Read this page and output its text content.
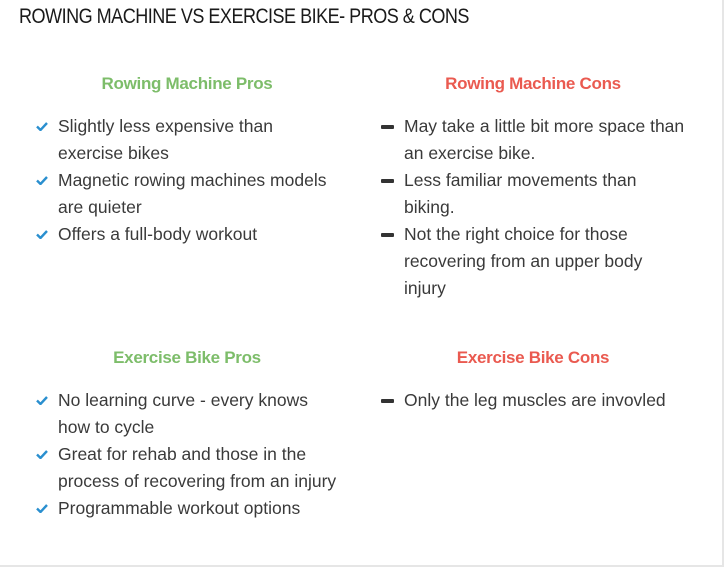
ROWING MACHINE VS EXERCISE BIKE- PROS & CONS
Rowing Machine Pros
Slightly less expensive than exercise bikes
Magnetic rowing machines models are quieter
Offers a full-body workout
Rowing Machine Cons
May take a little bit more space than an exercise bike.
Less familiar movements than biking.
Not the right choice for those recovering from an upper body injury
Exercise Bike Pros
No learning curve - every knows how to cycle
Great for rehab and those in the process of recovering from an injury
Programmable workout options
Exercise Bike Cons
Only the leg muscles are invovled
